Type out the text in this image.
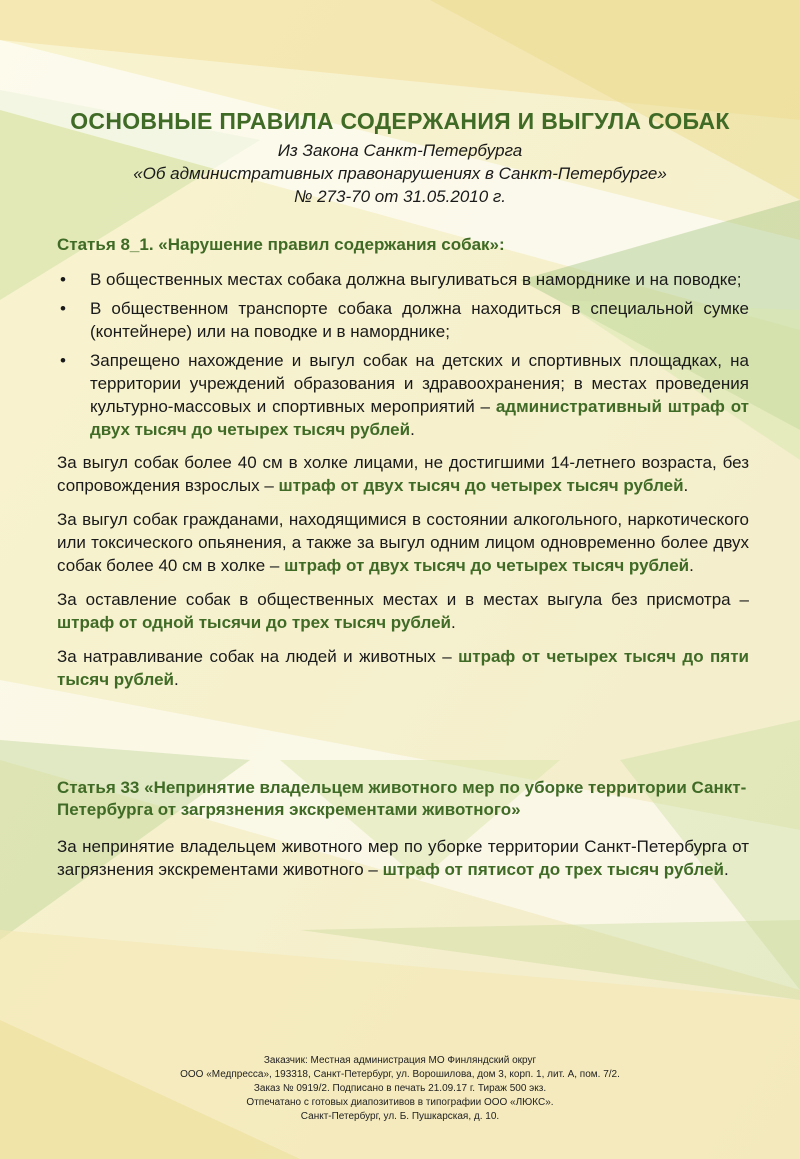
ОСНОВНЫЕ ПРАВИЛА СОДЕРЖАНИЯ И ВЫГУЛА СОБАК

Из Закона Санкт-Петербурга

«Об административных правонарушениях в Санкт-Петербурге»

№ 273-70 от 31.05.2010 г.

Статья 8_1. «Нарушение правил содержания собак»:
• В общественных местах собака должна выгуливаться в наморднике и на поводке;
• В общественном транспорте собака должна находиться в специальной сумке (контейнере) или на поводке и в наморднике;
• Запрещено нахождение и выгул собак на детских и спортивных площадках, на территории учреждений образования и здравоохранения; в местах проведения культурно-массовых и спортивных мероприятий – административный штраф от двух тысяч до четырех тысяч рублей.

За выгул собак более 40 см в холке лицами, не достигшими 14-летнего возраста, без сопровождения взрослых – штраф от двух тысяч до четырех тысяч рублей.

За выгул собак гражданами, находящимися в состоянии алкогольного, наркотического или токсического опьянения, а также за выгул одним лицом одновременно более двух собак более 40 см в холке – штраф от двух тысяч до четырех тысяч рублей.

За оставление собак в общественных местах и в местах выгула без присмотра – штраф от одной тысячи до трех тысяч рублей.

За натравливание собак на людей и животных – штраф от четырех тысяч до пяти тысяч рублей.

Статья 33 «Непринятие владельцем животного мер по уборке территории Санкт-Петербурга от загрязнения экскрементами животного»

За непринятие владельцем животного мер по уборке территории Санкт-Петербурга от загрязнения экскрементами животного – штраф от пятисот до трех тысяч рублей.

Заказчик: Местная администрация МО Финляндский округ
ООО «Медпресса», 193318, Санкт-Петербург, ул. Ворошилова, дом 3, корп. 1, лит. А, пом. 7/2.
Заказ № 0919/2. Подписано в печать 21.09.17 г. Тираж 500 экз.
Отпечатано с готовых диапозитивов в типографии ООО «ЛЮКС».
Санкт-Петербург, ул. Б. Пушкарская, д. 10.
